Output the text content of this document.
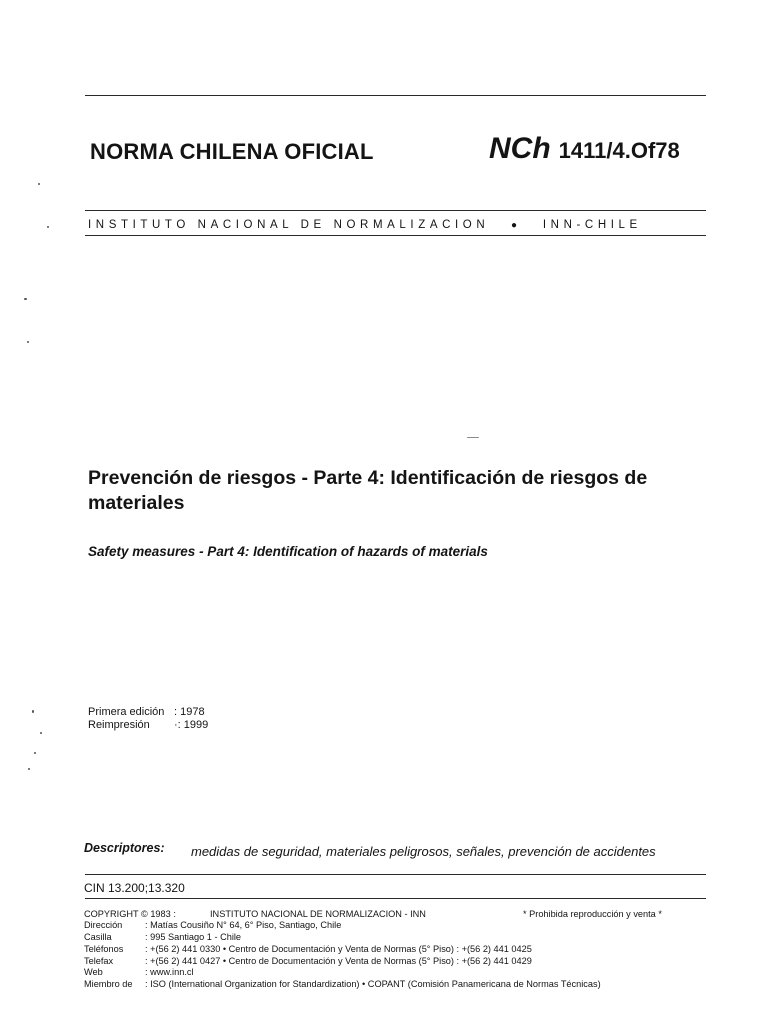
NORMA CHILENA OFICIAL	NCh 1411/4.Of78
INSTITUTO NACIONAL DE NORMALIZACION ● INN-CHILE
Prevención de riesgos - Parte 4: Identificación de riesgos de materiales
Safety measures - Part 4: Identification of hazards of materials
Primera edición : 1978
Reimpresión ·: 1999
Descriptores: medidas de seguridad, materiales peligrosos, señales, prevención de accidentes
CIN 13.200;13.320
COPYRIGHT © 1983 :	INSTITUTO NACIONAL DE NORMALIZACION - INN	* Prohibida reproducción y venta *
Dirección : Matías Cousiño N° 64, 6° Piso, Santiago, Chile
Casilla	: 995 Santiago 1 - Chile
Teléfonos : +(56 2) 441 0330 • Centro de Documentación y Venta de Normas (5° Piso) : +(56 2) 441 0425
Telefax	: +(56 2) 441 0427 • Centro de Documentación y Venta de Normas (5° Piso) : +(56 2) 441 0429
Web	: www.inn.cl
Miembro de : ISO (International Organization for Standardization) • COPANT (Comisión Panamericana de Normas Técnicas)
